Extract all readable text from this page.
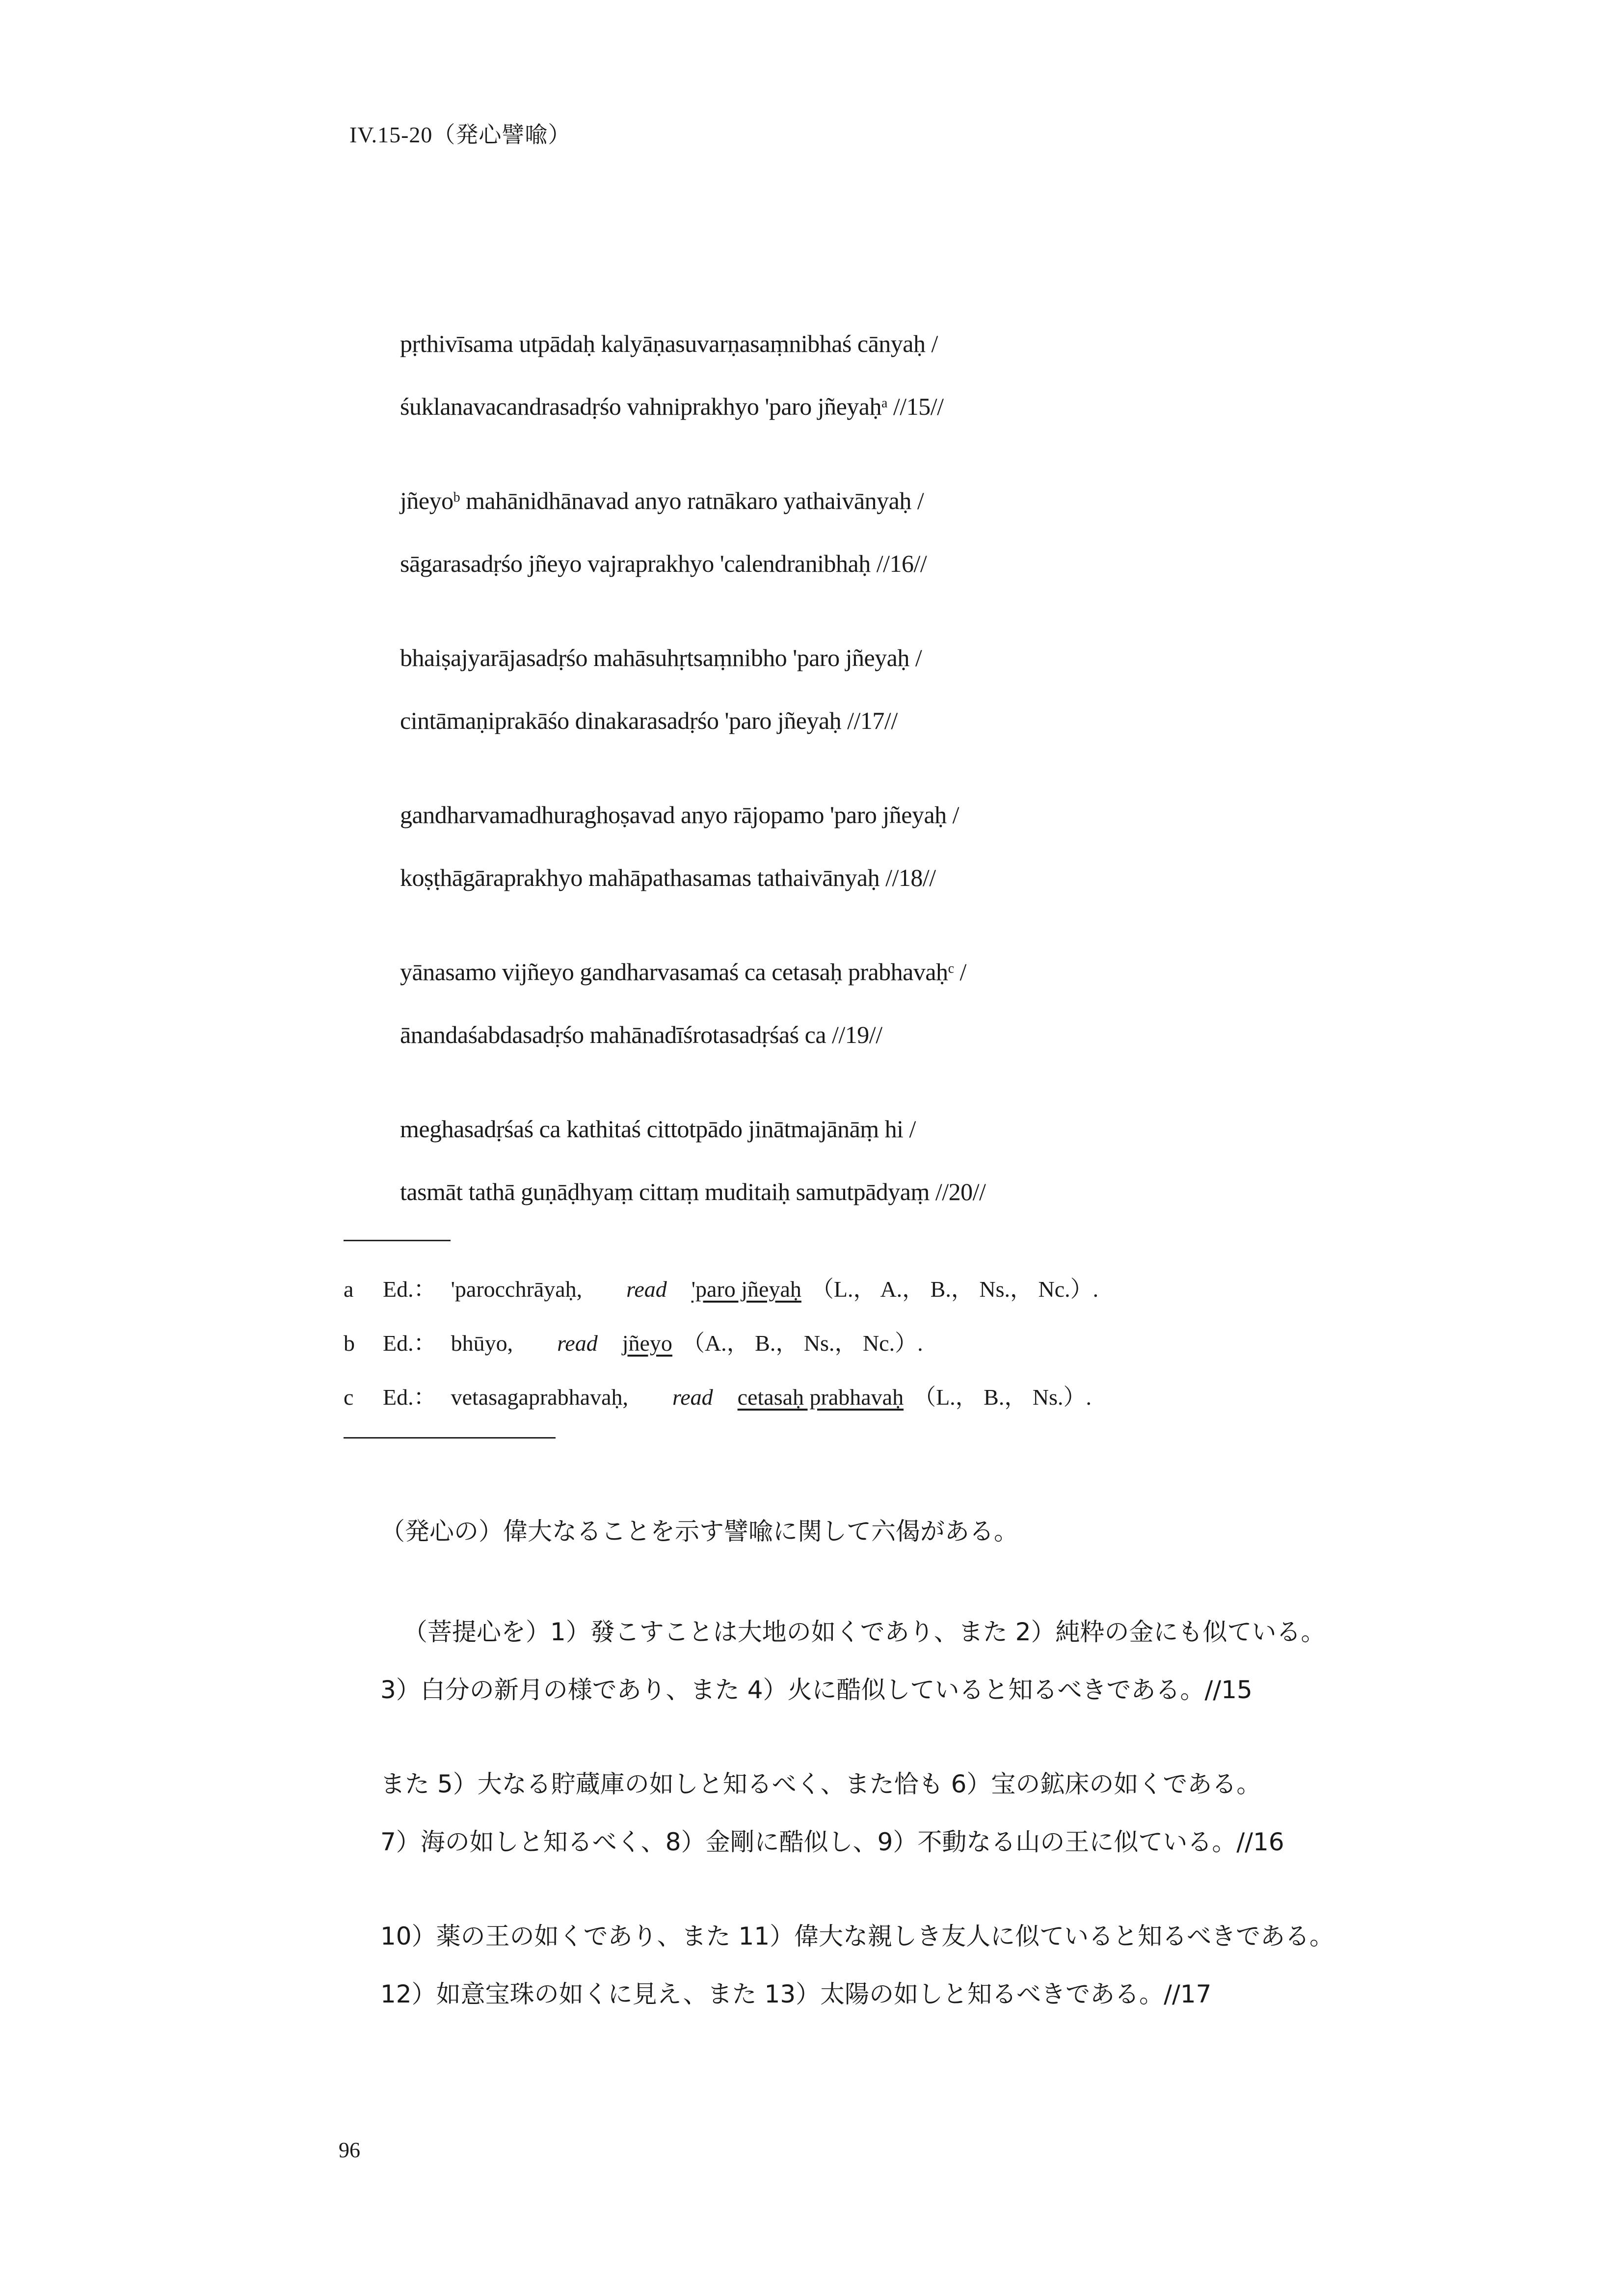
IV.15-20（発心譬喩）
pṛthivīsama utpādaḥ kalyāṇasuvarṇasaṃnibhaś cānyaḥ /
śuklanavacandrasadṛśo vahniprakhyo 'paro jñeyaḥ$^a$ //15//
jñeyo$^b$ mahānidhānavad anyo ratnākaro yathaivānyaḥ /
sāgarasadṛśo jñeyo vajraprakhyo 'calendranibhaḥ //16//
bhaiṣajyarājasadṛśo mahāsuhṛtsaṃnibho 'paro jñeyaḥ /
cintāmaṇiprakāśo dinakarasadṛśo 'paro jñeyaḥ //17//
gandharvamadhuraghoṣavad anyo rājopamo 'paro jñeyaḥ /
koṣṭhāgāraprakhyo mahāpathasamas tathaivānyaḥ //18//
yānasamo vijñeyo gandharvasamaś ca cetasaḥ prabhavaḥ$^c$ /
ānandaśabdasadṛśo mahānadīśrotasadṛśaś ca //19//
meghasadṛśaś ca kathitaś cittotpādo jinātmajānāṃ hi /
tasmāt tathā guṇāḍhyaṃ cittaṃ muditaiḥ samutpādyaṃ //20//
a Ed.： 'parocchrāyaḥ, read 'paro jñeyaḥ （L.， A.， B.， Ns.， Nc.）.
b Ed.： bhūyo, read jñeyo （A.， B.， Ns.， Nc.）.
c Ed.： vetasagaprabhavaḥ, read cetasaḥ prabhavaḥ （L.， B.， Ns.）.
（発心の）偉大なることを示す譬喩に関して六偈がある。
（菩提心を）1）發こすことは大地の如くであり、また 2）純粋の金にも似ている。
3）白分の新月の様であり、また 4）火に酷似していると知るべきである。//15
また 5）大なる貯蔵庫の如しと知るべく、また恰も 6）宝の鉱床の如くである。
7）海の如しと知るべく、8）金剛に酷似し、9）不動なる山の王に似ている。//16
10）薬の王の如くであり、また 11）偉大な親しき友人に似ていると知るべきである。
12）如意宝珠の如くに見え、また 13）太陽の如しと知るべきである。//17
96
